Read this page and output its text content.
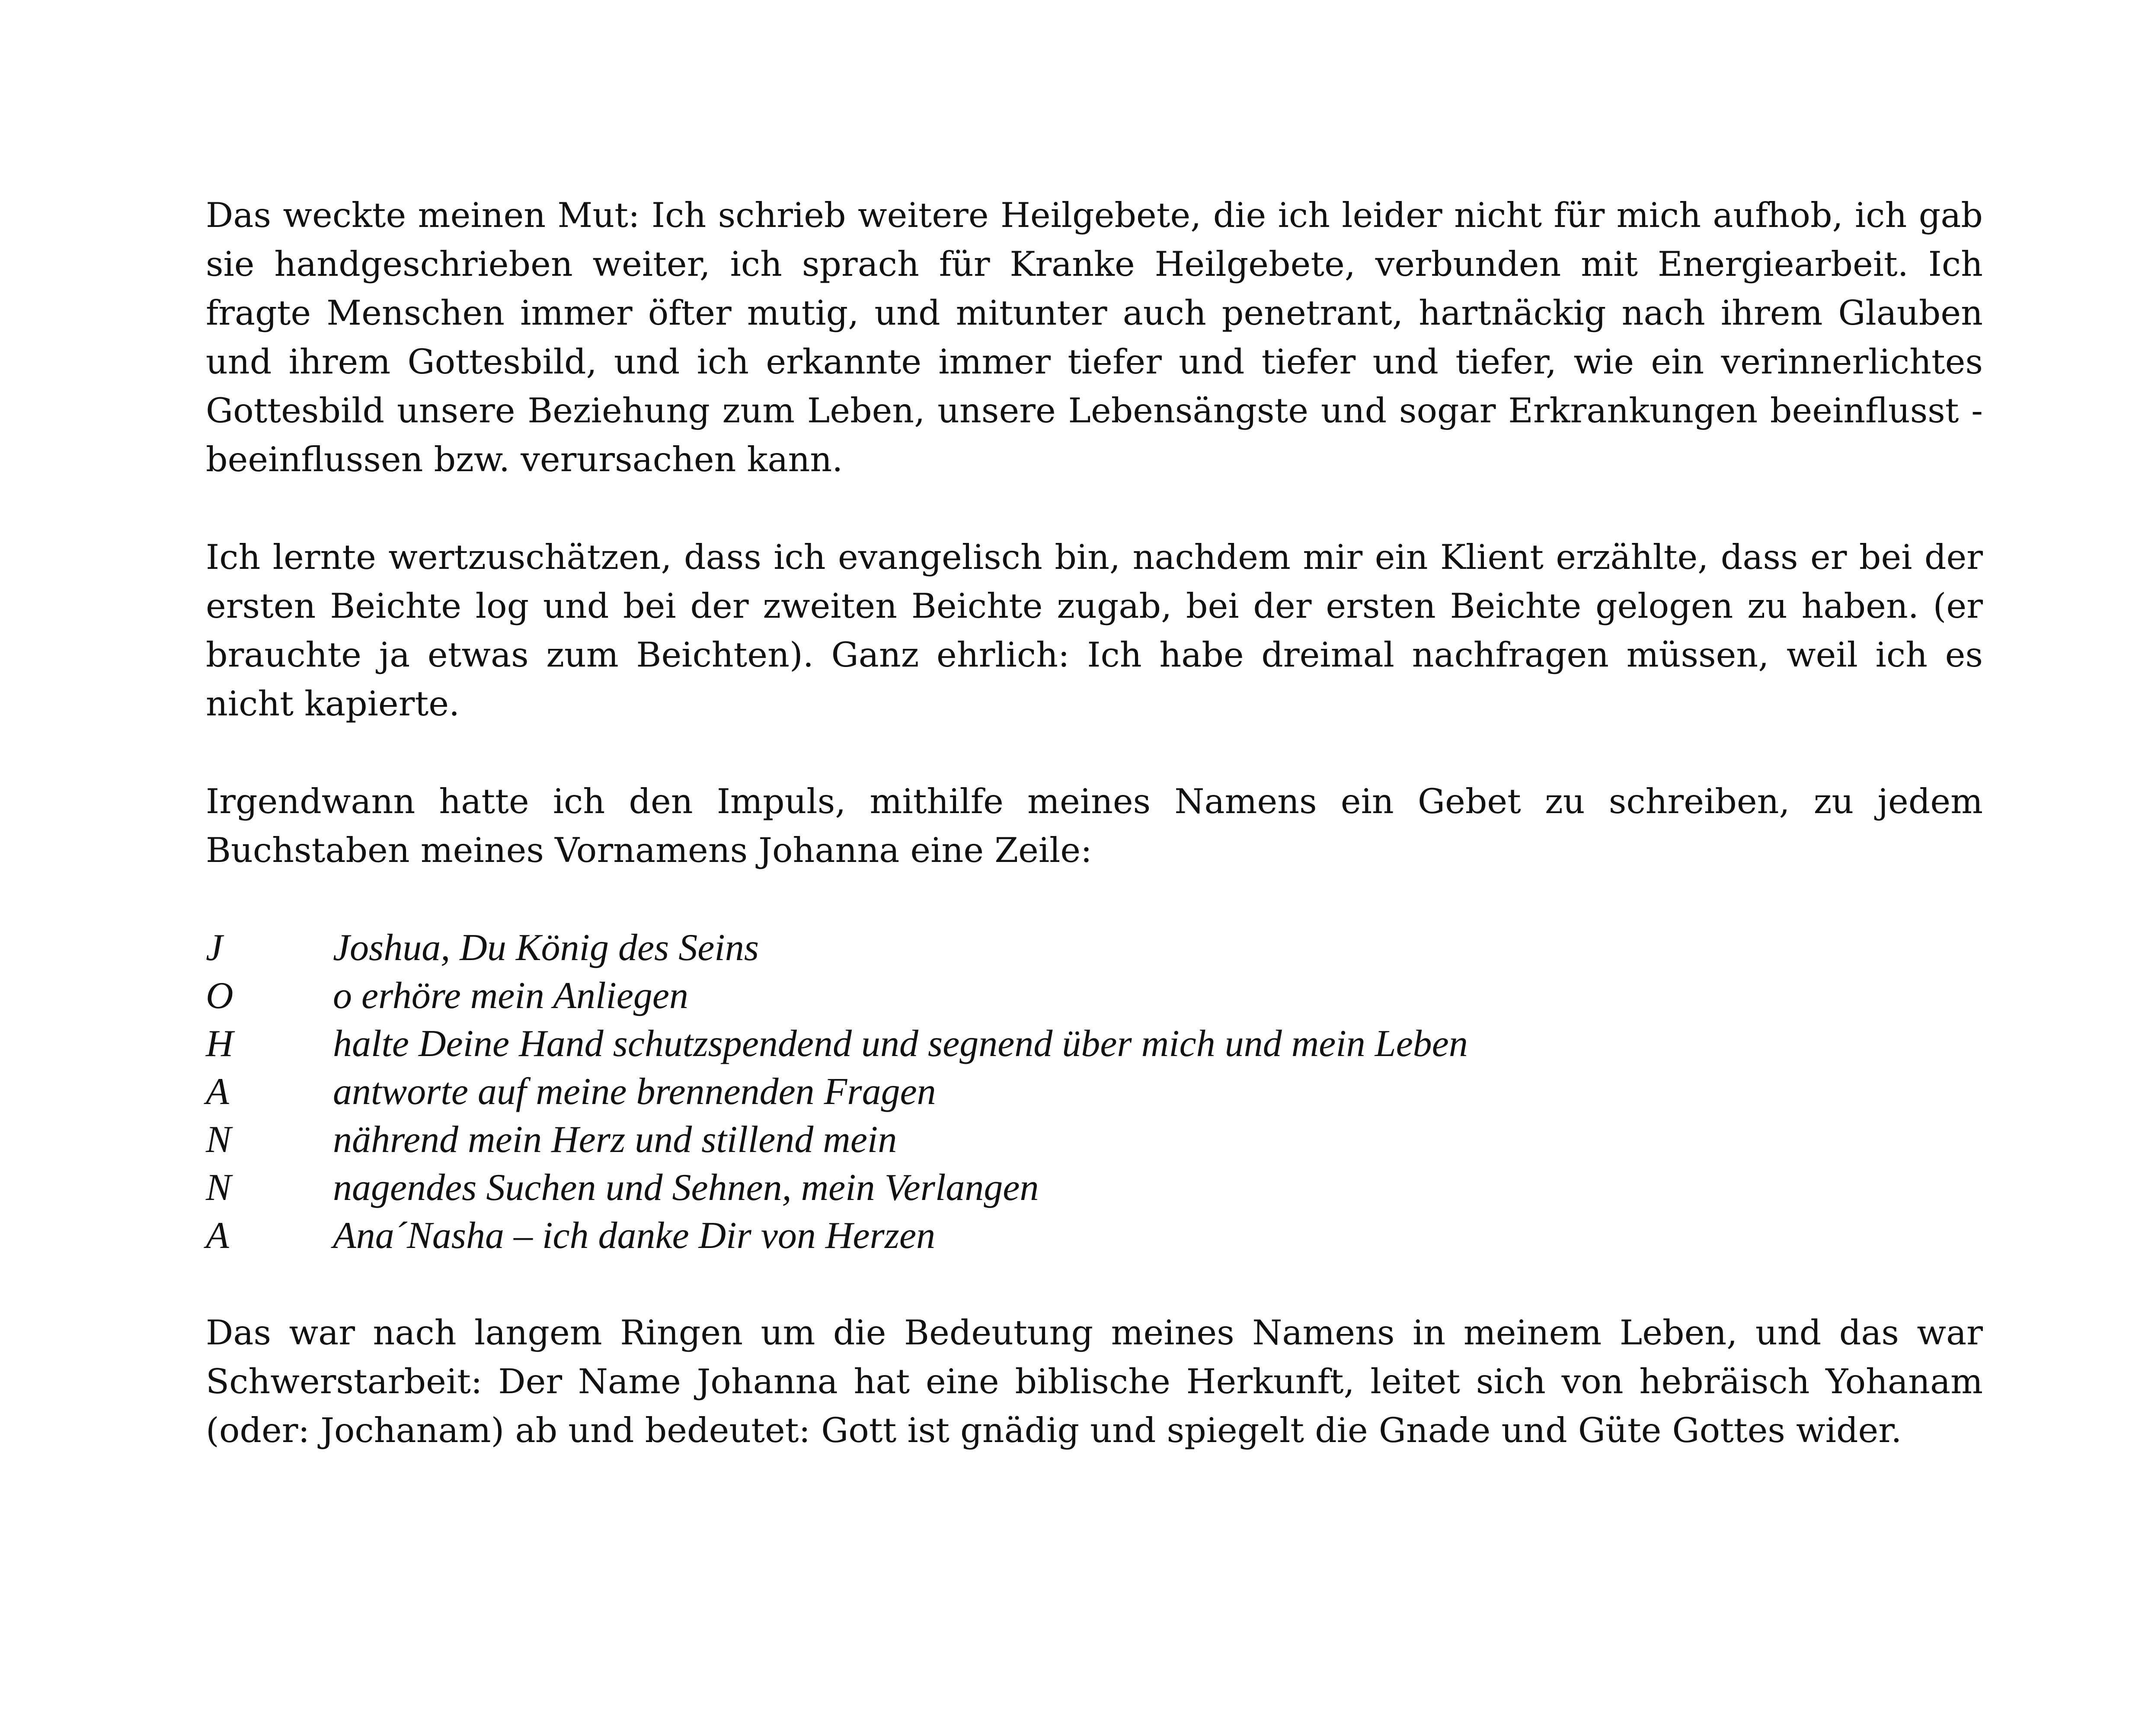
Das weckte meinen Mut: Ich schrieb weitere Heilgebete, die ich leider nicht für mich aufhob, ich gab sie handgeschrieben weiter, ich sprach für Kranke Heilgebete, verbunden mit Energiearbeit. Ich fragte Menschen immer öfter mutig, und mitunter auch penetrant, hartnäckig nach ihrem Glauben und ihrem Gottesbild, und ich erkannte immer tiefer und tiefer und tiefer, wie ein verinnerlichtes Gottesbild unsere Beziehung zum Leben, unsere Lebensängste und sogar Erkrankungen beeinflusst - beeinflussen bzw. verursachen kann.

Ich lernte wertzuschätzen, dass ich evangelisch bin, nachdem mir ein Klient erzählte, dass er bei der ersten Beichte log und bei der zweiten Beichte zugab, bei der ersten Beichte gelogen zu haben. (er brauchte ja etwas zum Beichten). Ganz ehrlich: Ich habe dreimal nachfragen müssen, weil ich es nicht kapierte.

Irgendwann hatte ich den Impuls, mithilfe meines Namens ein Gebet zu schreiben, zu jedem Buchstaben meines Vornamens Johanna eine Zeile:

J	Joshua, Du König des Seins
O	o erhöre mein Anliegen
H	halte Deine Hand schutzspendend und segnend über mich und mein Leben
A	antworte auf meine brennenden Fragen
N	nährend mein Herz und stillend mein
N	nagendes Suchen und Sehnen, mein Verlangen
A	Ana´Nasha – ich danke Dir von Herzen

Das war nach langem Ringen um die Bedeutung meines Namens in meinem Leben, und das war Schwerstarbeit: Der Name Johanna hat eine biblische Herkunft, leitet sich von hebräisch Yohanam (oder: Jochanam) ab und bedeutet: Gott ist gnädig und spiegelt die Gnade und Güte Gottes wider.
